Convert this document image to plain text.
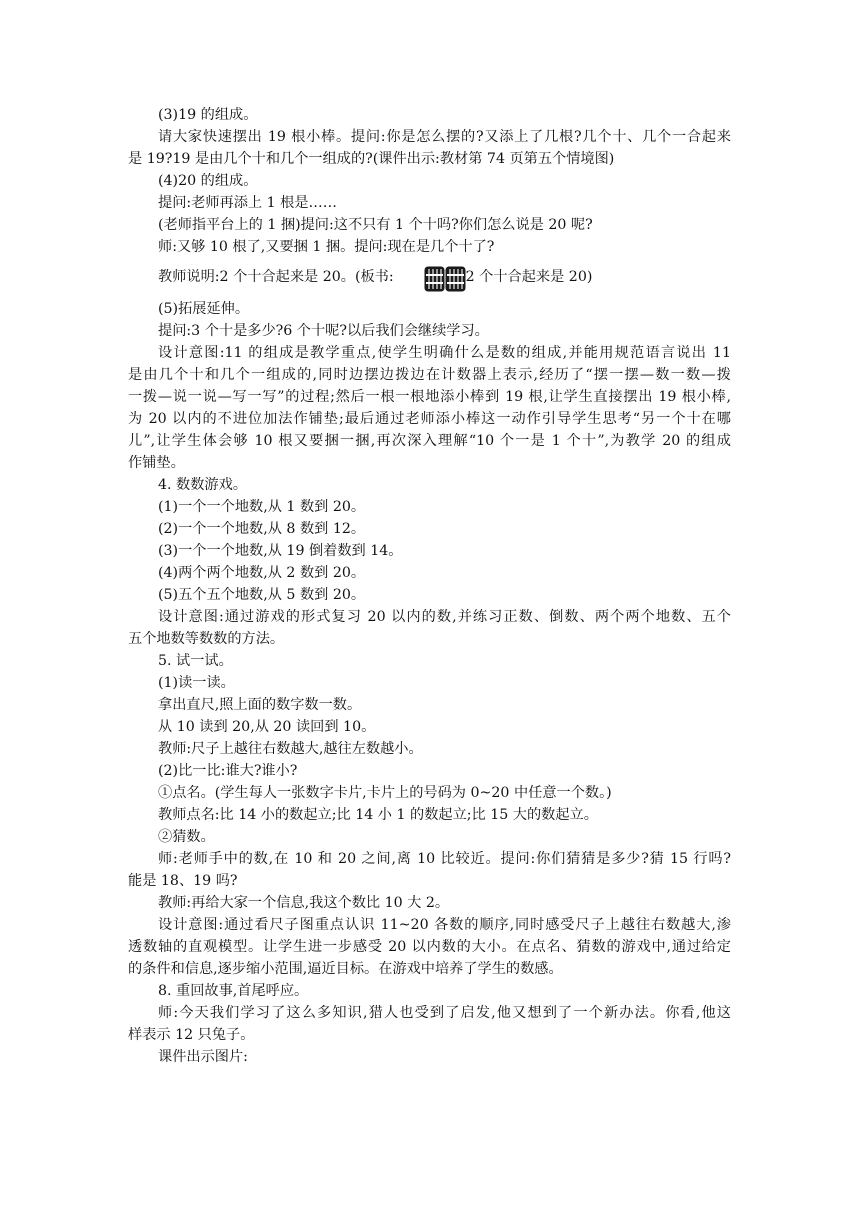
(3)19 的组成。
请大家快速摆出 19 根小棒。提问:你是怎么摆的?又添上了几根?几个十、几个一合起来
是 19?19 是由几个十和几个一组成的?(课件出示:教材第 74 页第五个情境图)
(4)20 的组成。
提问:老师再添上 1 根是……
(老师指平台上的 1 捆)提问:这不只有 1 个十吗?你们怎么说是 20 呢?
师:又够 10 根了,又要捆 1 捆。提问:现在是几个十了?
教师说明:2 个十合起来是 20。(板书:	2 个十合起来是 20)
(5)拓展延伸。
提问:3 个十是多少?6 个十呢?以后我们会继续学习。
设计意图:11 的组成是教学重点,使学生明确什么是数的组成,并能用规范语言说出 11
是由几个十和几个一组成的,同时边摆边拨边在计数器上表示,经历了“摆一摆—数一数—拨
一拨—说一说—写一写”的过程;然后一根一根地添小棒到 19 根,让学生直接摆出 19 根小棒,
为 20 以内的不进位加法作铺垫;最后通过老师添小棒这一动作引导学生思考“另一个十在哪
儿”,让学生体会够 10 根又要捆一捆,再次深入理解“10 个一是 1 个十”,为教学 20 的组成
作铺垫。
4. 数数游戏。
(1)一个一个地数,从 1 数到 20。
(2)一个一个地数,从 8 数到 12。
(3)一个一个地数,从 19 倒着数到 14。
(4)两个两个地数,从 2 数到 20。
(5)五个五个地数,从 5 数到 20。
设计意图:通过游戏的形式复习 20 以内的数,并练习正数、倒数、两个两个地数、五个
五个地数等数数的方法。
5. 试一试。
(1)读一读。
拿出直尺,照上面的数字数一数。
从 10 读到 20,从 20 读回到 10。
教师:尺子上越往右数越大,越往左数越小。
(2)比一比:谁大?谁小?
①点名。(学生每人一张数字卡片,卡片上的号码为 0~20 中任意一个数。)
教师点名:比 14 小的数起立;比 14 小 1 的数起立;比 15 大的数起立。
②猜数。
师:老师手中的数,在 10 和 20 之间,离 10 比较近。提问:你们猜猜是多少?猜 15 行吗?
能是 18、19 吗?
教师:再给大家一个信息,我这个数比 10 大 2。
设计意图:通过看尺子图重点认识 11~20 各数的顺序,同时感受尺子上越往右数越大,渗
透数轴的直观模型。让学生进一步感受 20 以内数的大小。在点名、猜数的游戏中,通过给定
的条件和信息,逐步缩小范围,逼近目标。在游戏中培养了学生的数感。
8. 重回故事,首尾呼应。
师:今天我们学习了这么多知识,猎人也受到了启发,他又想到了一个新办法。你看,他这
样表示 12 只兔子。
课件出示图片:
